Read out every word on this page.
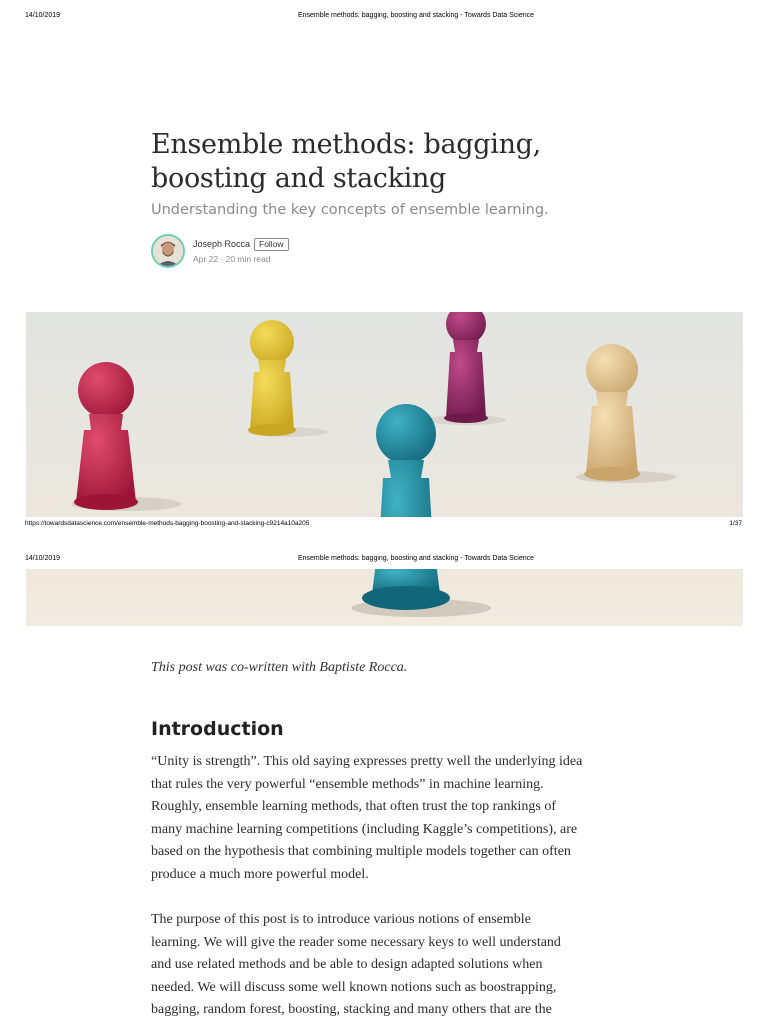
14/10/2019	Ensemble methods: bagging, boosting and stacking - Towards Data Science
Ensemble methods: bagging, boosting and stacking
Understanding the key concepts of ensemble learning.
Joseph Rocca	Follow
Apr 22 · 20 min read
https://towardsdatascience.com/ensemble-methods-bagging-boosting-and-stacking-c9214a10a205	1/37
14/10/2019	Ensemble methods: bagging, boosting and stacking - Towards Data Science
This post was co-written with Baptiste Rocca.
Introduction

“Unity is strength”. This old saying expresses pretty well the underlying idea
that rules the very powerful “ensemble methods” in machine learning.
Roughly, ensemble learning methods, that often trust the top rankings of
many machine learning competitions (including Kaggle’s competitions), are
based on the hypothesis that combining multiple models together can often
produce a much more powerful model.

The purpose of this post is to introduce various notions of ensemble
learning. We will give the reader some necessary keys to well understand
and use related methods and be able to design adapted solutions when
needed. We will discuss some well known notions such as boostrapping,
bagging, random forest, boosting, stacking and many others that are the
